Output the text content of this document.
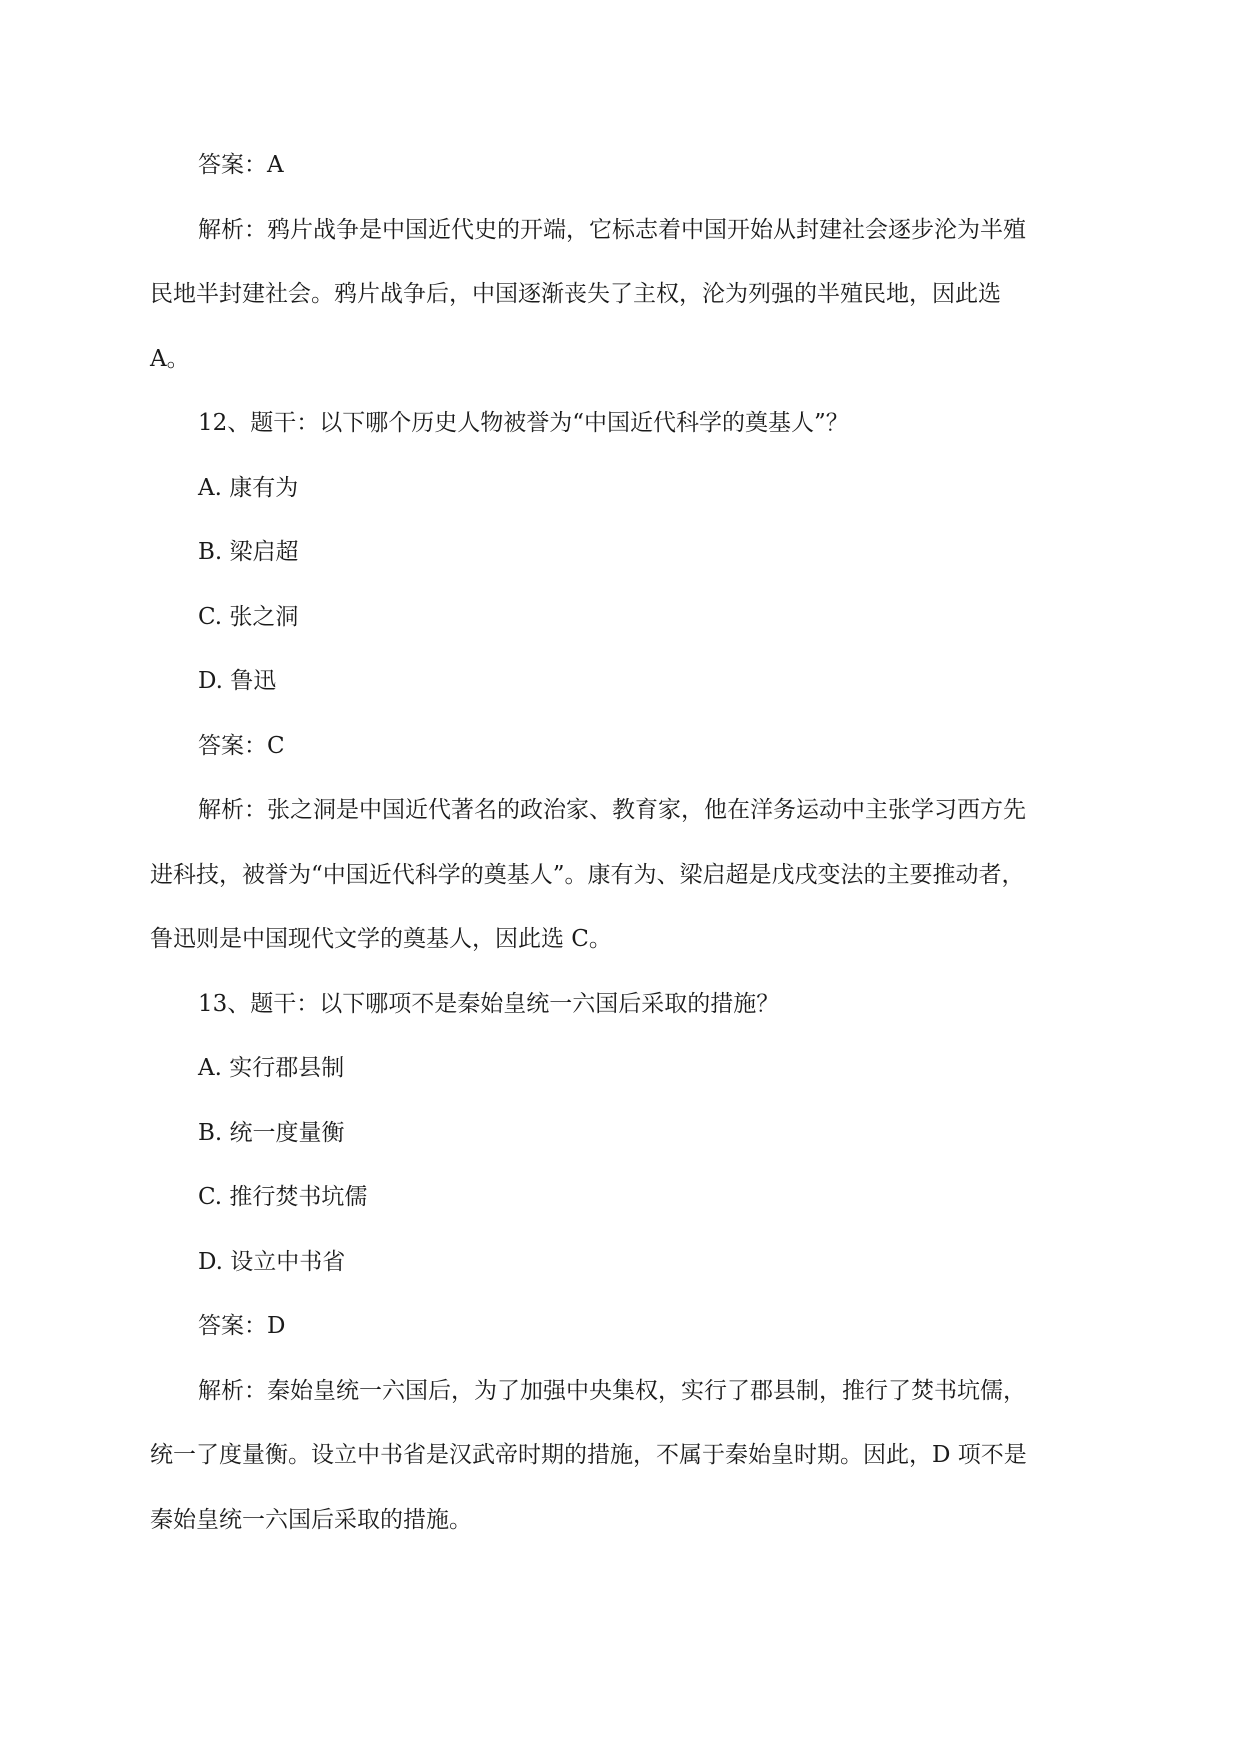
答案：A
解析：鸦片战争是中国近代史的开端，它标志着中国开始从封建社会逐步沦为半殖
民地半封建社会。鸦片战争后，中国逐渐丧失了主权，沦为列强的半殖民地，因此选
A。
12、题干：以下哪个历史人物被誉为“中国近代科学的奠基人”？
A. 康有为
B. 梁启超
C. 张之洞
D. 鲁迅
答案：C
解析：张之洞是中国近代著名的政治家、教育家，他在洋务运动中主张学习西方先
进科技，被誉为“中国近代科学的奠基人”。康有为、梁启超是戊戌变法的主要推动者，
鲁迅则是中国现代文学的奠基人，因此选 C。
13、题干：以下哪项不是秦始皇统一六国后采取的措施？
A. 实行郡县制
B. 统一度量衡
C. 推行焚书坑儒
D. 设立中书省
答案：D
解析：秦始皇统一六国后，为了加强中央集权，实行了郡县制，推行了焚书坑儒，
统一了度量衡。设立中书省是汉武帝时期的措施，不属于秦始皇时期。因此，D 项不是
秦始皇统一六国后采取的措施。
